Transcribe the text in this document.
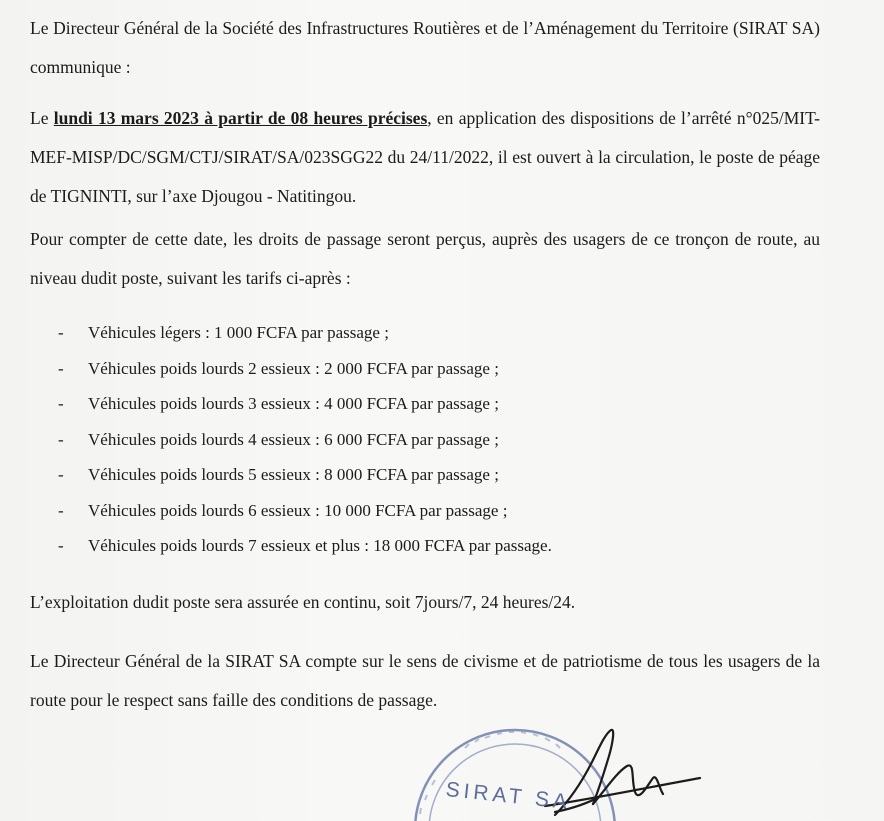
Le Directeur Général de la Société des Infrastructures Routières et de l’Aménagement du Territoire (SIRAT SA) communique :

Le lundi 13 mars 2023 à partir de 08 heures précises, en application des dispositions de l’arrêté n°025/MIT-MEF-MISP/DC/SGM/CTJ/SIRAT/SA/023SGG22 du 24/11/2022, il est ouvert à la circulation, le poste de péage de TIGNINTI, sur l’axe Djougou - Natitingou.

Pour compter de cette date, les droits de passage seront perçus, auprès des usagers de ce tronçon de route, au niveau dudit poste, suivant les tarifs ci-après :

- Véhicules légers : 1 000 FCFA par passage ;
- Véhicules poids lourds 2 essieux : 2 000 FCFA par passage ;
- Véhicules poids lourds 3 essieux : 4 000 FCFA par passage ;
- Véhicules poids lourds 4 essieux : 6 000 FCFA par passage ;
- Véhicules poids lourds 5 essieux : 8 000 FCFA par passage ;
- Véhicules poids lourds 6 essieux : 10 000 FCFA par passage ;
- Véhicules poids lourds 7 essieux et plus : 18 000 FCFA par passage.

L’exploitation dudit poste sera assurée en continu, soit 7jours/7, 24 heures/24.

Le Directeur Général de la SIRAT SA compte sur le sens de civisme et de patriotisme de tous les usagers de la route pour le respect sans faille des conditions de passage.

SIRAT SA
